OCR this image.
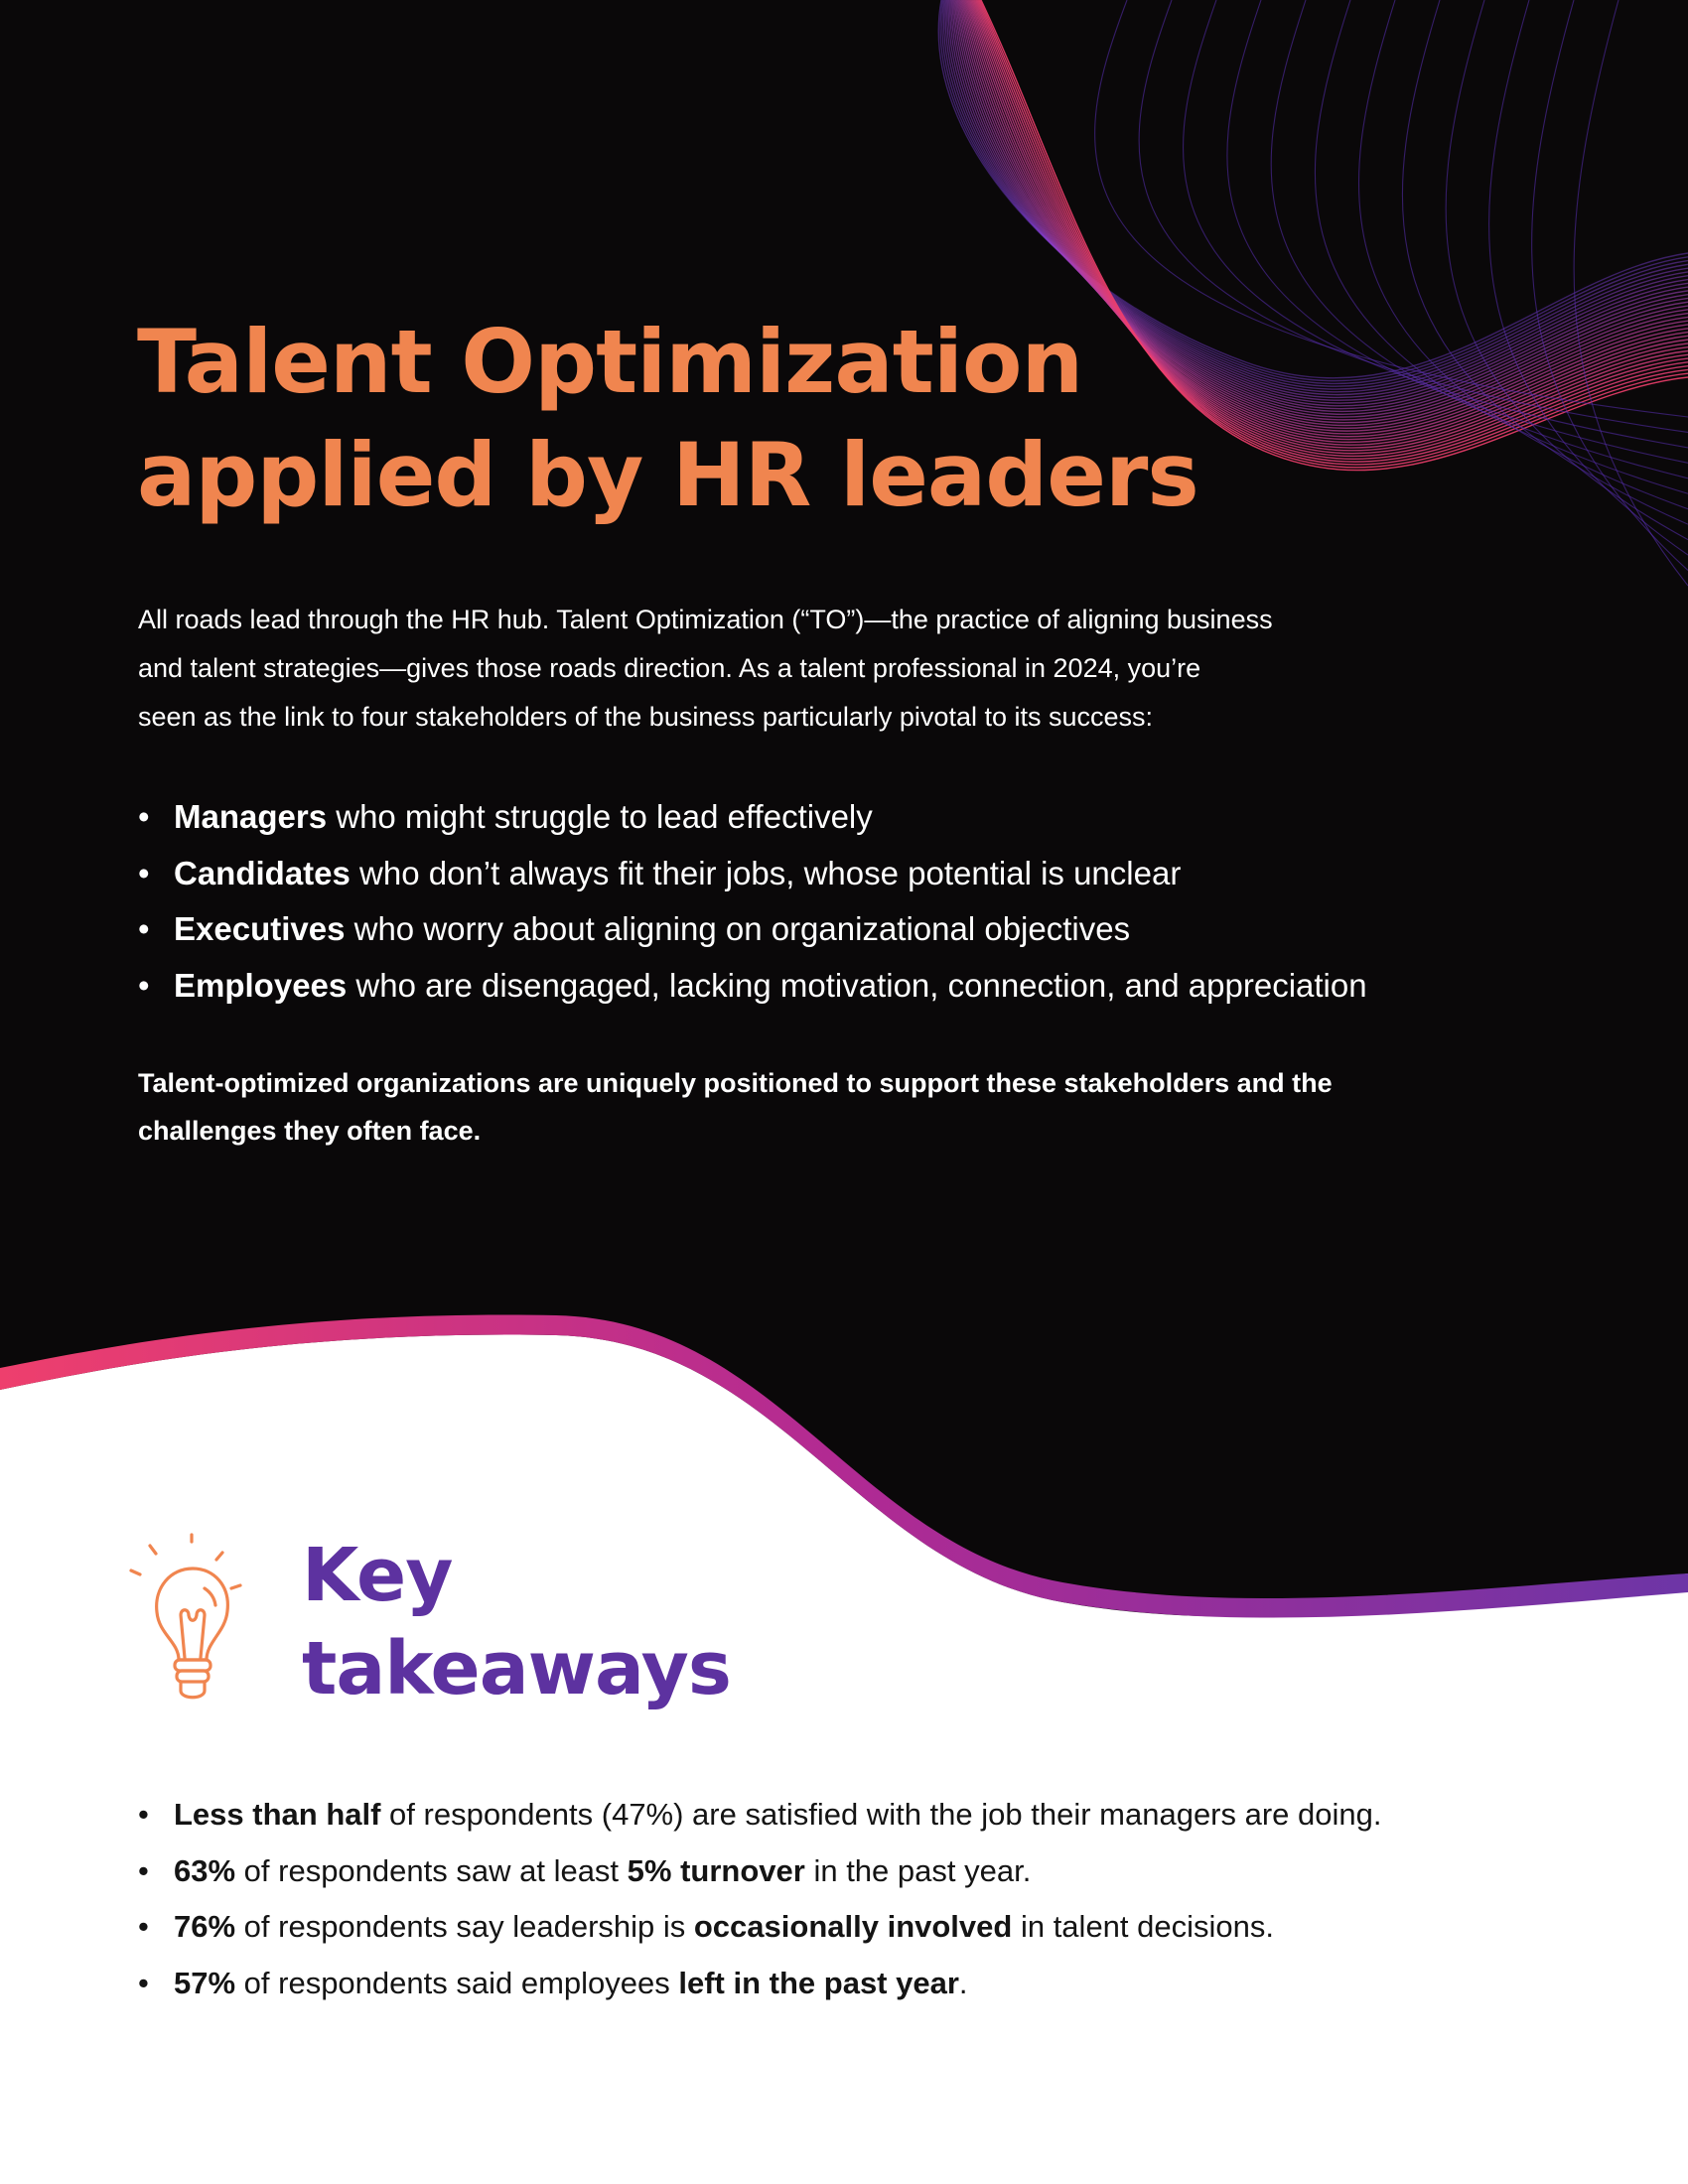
Talent Optimization
applied by HR leaders

All roads lead through the HR hub. Talent Optimization (“TO”)—the practice of aligning business
and talent strategies—gives those roads direction. As a talent professional in 2024, you’re
seen as the link to four stakeholders of the business particularly pivotal to its success:

• Managers who might struggle to lead effectively
• Candidates who don’t always fit their jobs, whose potential is unclear
• Executives who worry about aligning on organizational objectives
• Employees who are disengaged, lacking motivation, connection, and appreciation

Talent-optimized organizations are uniquely positioned to support these stakeholders and the
challenges they often face.

Key
takeaways
• Less than half of respondents (47%) are satisfied with the job their managers are doing.
• 63% of respondents saw at least 5% turnover in the past year.
• 76% of respondents say leadership is occasionally involved in talent decisions.
• 57% of respondents said employees left in the past year.
